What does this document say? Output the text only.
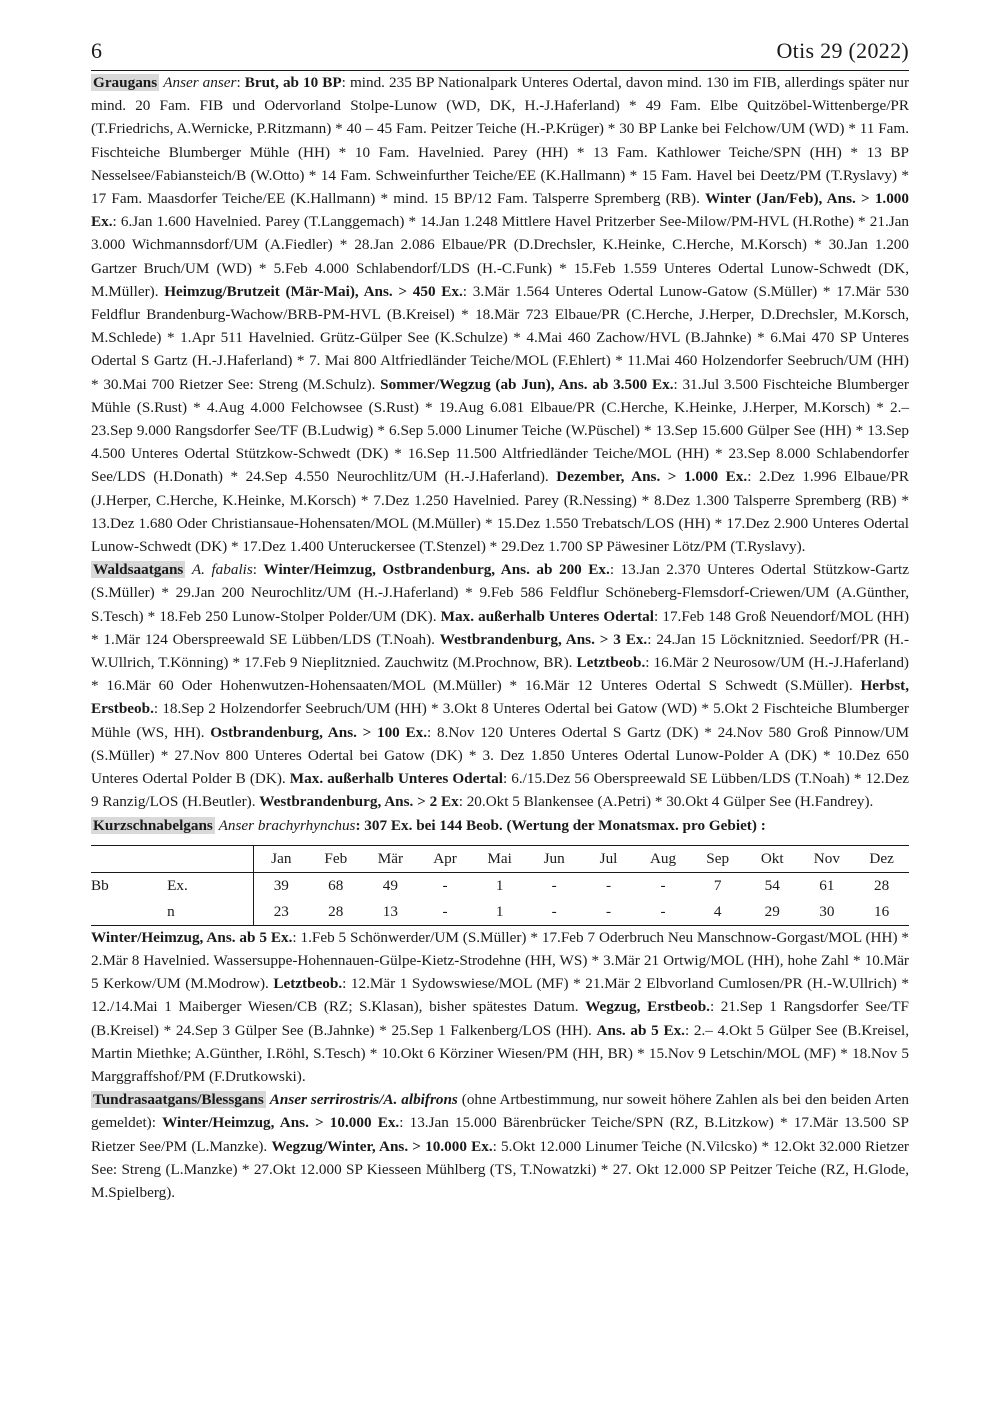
6	Otis 29 (2022)

Graugans Anser anser: Brut, ab 10 BP: mind. 235 BP Nationalpark Unteres Odertal, davon mind. 130 im FIB, allerdings später nur mind. 20 Fam. FIB und Odervorland Stolpe-Lunow (WD, DK, H.-J.Haferland) * 49 Fam. Elbe Quitzöbel-Wittenberge/PR (T.Friedrichs, A.Wernicke, P.Ritzmann) * 40 – 45 Fam. Peitzer Teiche (H.-P.Krüger) * 30 BP Lanke bei Felchow/UM (WD) * 11 Fam. Fischteiche Blumberger Mühle (HH) * 10 Fam. Havelnied. Parey (HH) * 13 Fam. Kathlower Teiche/SPN (HH) * 13 BP Nesselsee/Fabiansteich/B (W.Otto) * 14 Fam. Schweinfurther Teiche/EE (K.Hallmann) * 15 Fam. Havel bei Deetz/PM (T.Ryslavy) * 17 Fam. Maasdorfer Teiche/EE (K.Hallmann) * mind. 15 BP/12 Fam. Talsperre Spremberg (RB). Winter (Jan/Feb), Ans. > 1.000 Ex.: 6.Jan 1.600 Havelnied. Parey (T.Langgemach) * 14.Jan 1.248 Mittlere Havel Pritzerber See-Milow/PM-HVL (H.Rothe) * 21.Jan 3.000 Wichmannsdorf/UM (A.Fiedler) * 28.Jan 2.086 Elbaue/PR (D.Drechsler, K.Heinke, C.Herche, M.Korsch) * 30.Jan 1.200 Gartzer Bruch/UM (WD) * 5.Feb 4.000 Schlabendorf/LDS (H.-C.Funk) * 15.Feb 1.559 Unteres Odertal Lunow-Schwedt (DK, M.Müller). Heimzug/Brutzeit (Mär-Mai), Ans. > 450 Ex.: 3.Mär 1.564 Unteres Odertal Lunow-Gatow (S.Müller) * 17.Mär 530 Feldflur Brandenburg-Wachow/BRB-PM-HVL (B.Kreisel) * 18.Mär 723 Elbaue/PR (C.Herche, J.Herper, D.Drechsler, M.Korsch, M.Schlede) * 1.Apr 511 Havelnied. Grütz-Gülper See (K.Schulze) * 4.Mai 460 Zachow/HVL (B.Jahnke) * 6.Mai 470 SP Unteres Odertal S Gartz (H.-J.Haferland) * 7. Mai 800 Altfriedländer Teiche/MOL (F.Ehlert) * 11.Mai 460 Holzendorfer Seebruch/UM (HH) * 30.Mai 700 Rietzer See: Streng (M.Schulz). Sommer/Wegzug (ab Jun), Ans. ab 3.500 Ex.: 31.Jul 3.500 Fischteiche Blumberger Mühle (S.Rust) * 4.Aug 4.000 Felchowsee (S.Rust) * 19.Aug 6.081 Elbaue/PR (C.Herche, K.Heinke, J.Herper, M.Korsch) * 2.–23.Sep 9.000 Rangsdorfer See/TF (B.Ludwig) * 6.Sep 5.000 Linumer Teiche (W.Püschel) * 13.Sep 15.600 Gülper See (HH) * 13.Sep 4.500 Unteres Odertal Stützkow-Schwedt (DK) * 16.Sep 11.500 Altfriedländer Teiche/MOL (HH) * 23.Sep 8.000 Schlabendorfer See/LDS (H.Donath) * 24.Sep 4.550 Neurochlitz/UM (H.-J.Haferland). Dezember, Ans. > 1.000 Ex.: 2.Dez 1.996 Elbaue/PR (J.Herper, C.Herche, K.Heinke, M.Korsch) * 7.Dez 1.250 Havelnied. Parey (R.Nessing) * 8.Dez 1.300 Talsperre Spremberg (RB) * 13.Dez 1.680 Oder Christiansaue-Hohensaten/MOL (M.Müller) * 15.Dez 1.550 Trebatsch/LOS (HH) * 17.Dez 2.900 Unteres Odertal Lunow-Schwedt (DK) * 17.Dez 1.400 Unteruckersee (T.Stenzel) * 29.Dez 1.700 SP Päwesiner Lötz/PM (T.Ryslavy).

Waldsaatgans A. fabalis: Winter/Heimzug, Ostbrandenburg, Ans. ab 200 Ex.: 13.Jan 2.370 Unteres Odertal Stützkow-Gartz (S.Müller) * 29.Jan 200 Neurochlitz/UM (H.-J.Haferland) * 9.Feb 586 Feldflur Schöneberg-Flemsdorf-Criewen/UM (A.Günther, S.Tesch) * 18.Feb 250 Lunow-Stolper Polder/UM (DK). Max. außerhalb Unteres Odertal: 17.Feb 148 Groß Neuendorf/MOL (HH) * 1.Mär 124 Oberspreewald SE Lübben/LDS (T.Noah). Westbrandenburg, Ans. > 3 Ex.: 24.Jan 15 Löcknitznied. Seedorf/PR (H.-W.Ullrich, T.Könning) * 17.Feb 9 Nieplitznied. Zauchwitz (M.Prochnow, BR). Letztbeob.: 16.Mär 2 Neurosow/UM (H.-J.Haferland) * 16.Mär 60 Oder Hohenwutzen-Hohensaaten/MOL (M.Müller) * 16.Mär 12 Unteres Odertal S Schwedt (S.Müller). Herbst, Erstbeob.: 18.Sep 2 Holzendorfer Seebruch/UM (HH) * 3.Okt 8 Unteres Odertal bei Gatow (WD) * 5.Okt 2 Fischteiche Blumberger Mühle (WS, HH). Ostbrandenburg, Ans. > 100 Ex.: 8.Nov 120 Unteres Odertal S Gartz (DK) * 24.Nov 580 Groß Pinnow/UM (S.Müller) * 27.Nov 800 Unteres Odertal bei Gatow (DK) * 3. Dez 1.850 Unteres Odertal Lunow-Polder A (DK) * 10.Dez 650 Unteres Odertal Polder B (DK). Max. außerhalb Unteres Odertal: 6./15.Dez 56 Oberspreewald SE Lübben/LDS (T.Noah) * 12.Dez 9 Ranzig/LOS (H.Beutler). Westbrandenburg, Ans. > 2 Ex: 20.Okt 5 Blankensee (A.Petri) * 30.Okt 4 Gülper See (H.Fandrey).

Kurzschnabelgans Anser brachyrhynchus: 307 Ex. bei 144 Beob. (Wertung der Monatsmax. pro Gebiet) :

		Jan	Feb	Mär	Apr	Mai	Jun	Jul	Aug	Sep	Okt	Nov	Dez
Bb	Ex.	39	68	49	-	1	-	-	-	7	54	61	28
	n	23	28	13	-	1	-	-	-	4	29	30	16

Winter/Heimzug, Ans. ab 5 Ex.: 1.Feb 5 Schönwerder/UM (S.Müller) * 17.Feb 7 Oderbruch Neu Manschnow-Gorgast/MOL (HH) * 2.Mär 8 Havelnied. Wassersuppe-Hohennauen-Gülpe-Kietz-Strodehne (HH, WS) * 3.Mär 21 Ortwig/MOL (HH), hohe Zahl * 10.Mär 5 Kerkow/UM (M.Modrow). Letztbeob.: 12.Mär 1 Sydowswiese/MOL (MF) * 21.Mär 2 Elbvorland Cumlosen/PR (H.-W.Ullrich) * 12./14.Mai 1 Maiberger Wiesen/CB (RZ; S.Klasan), bisher spätestes Datum. Wegzug, Erstbeob.: 21.Sep 1 Rangsdorfer See/TF (B.Kreisel) * 24.Sep 3 Gülper See (B.Jahnke) * 25.Sep 1 Falkenberg/LOS (HH). Ans. ab 5 Ex.: 2.– 4.Okt 5 Gülper See (B.Kreisel, Martin Miethke; A.Günther, I.Röhl, S.Tesch) * 10.Okt 6 Körziner Wiesen/PM (HH, BR) * 15.Nov 9 Letschin/MOL (MF) * 18.Nov 5 Marggraffshof/PM (F.Drutkowski).

Tundrasaatgans/Blessgans Anser serrirostris/A. albifrons (ohne Artbestimmung, nur soweit höhere Zahlen als bei den beiden Arten gemeldet): Winter/Heimzug, Ans. > 10.000 Ex.: 13.Jan 15.000 Bärenbrücker Teiche/SPN (RZ, B.Litzkow) * 17.Mär 13.500 SP Rietzer See/PM (L.Manzke). Wegzug/Winter, Ans. > 10.000 Ex.: 5.Okt 12.000 Linumer Teiche (N.Vilcsko) * 12.Okt 32.000 Rietzer See: Streng (L.Manzke) * 27.Okt 12.000 SP Kiesseen Mühlberg (TS, T.Nowatzki) * 27. Okt 12.000 SP Peitzer Teiche (RZ, H.Glode, M.Spielberg).
